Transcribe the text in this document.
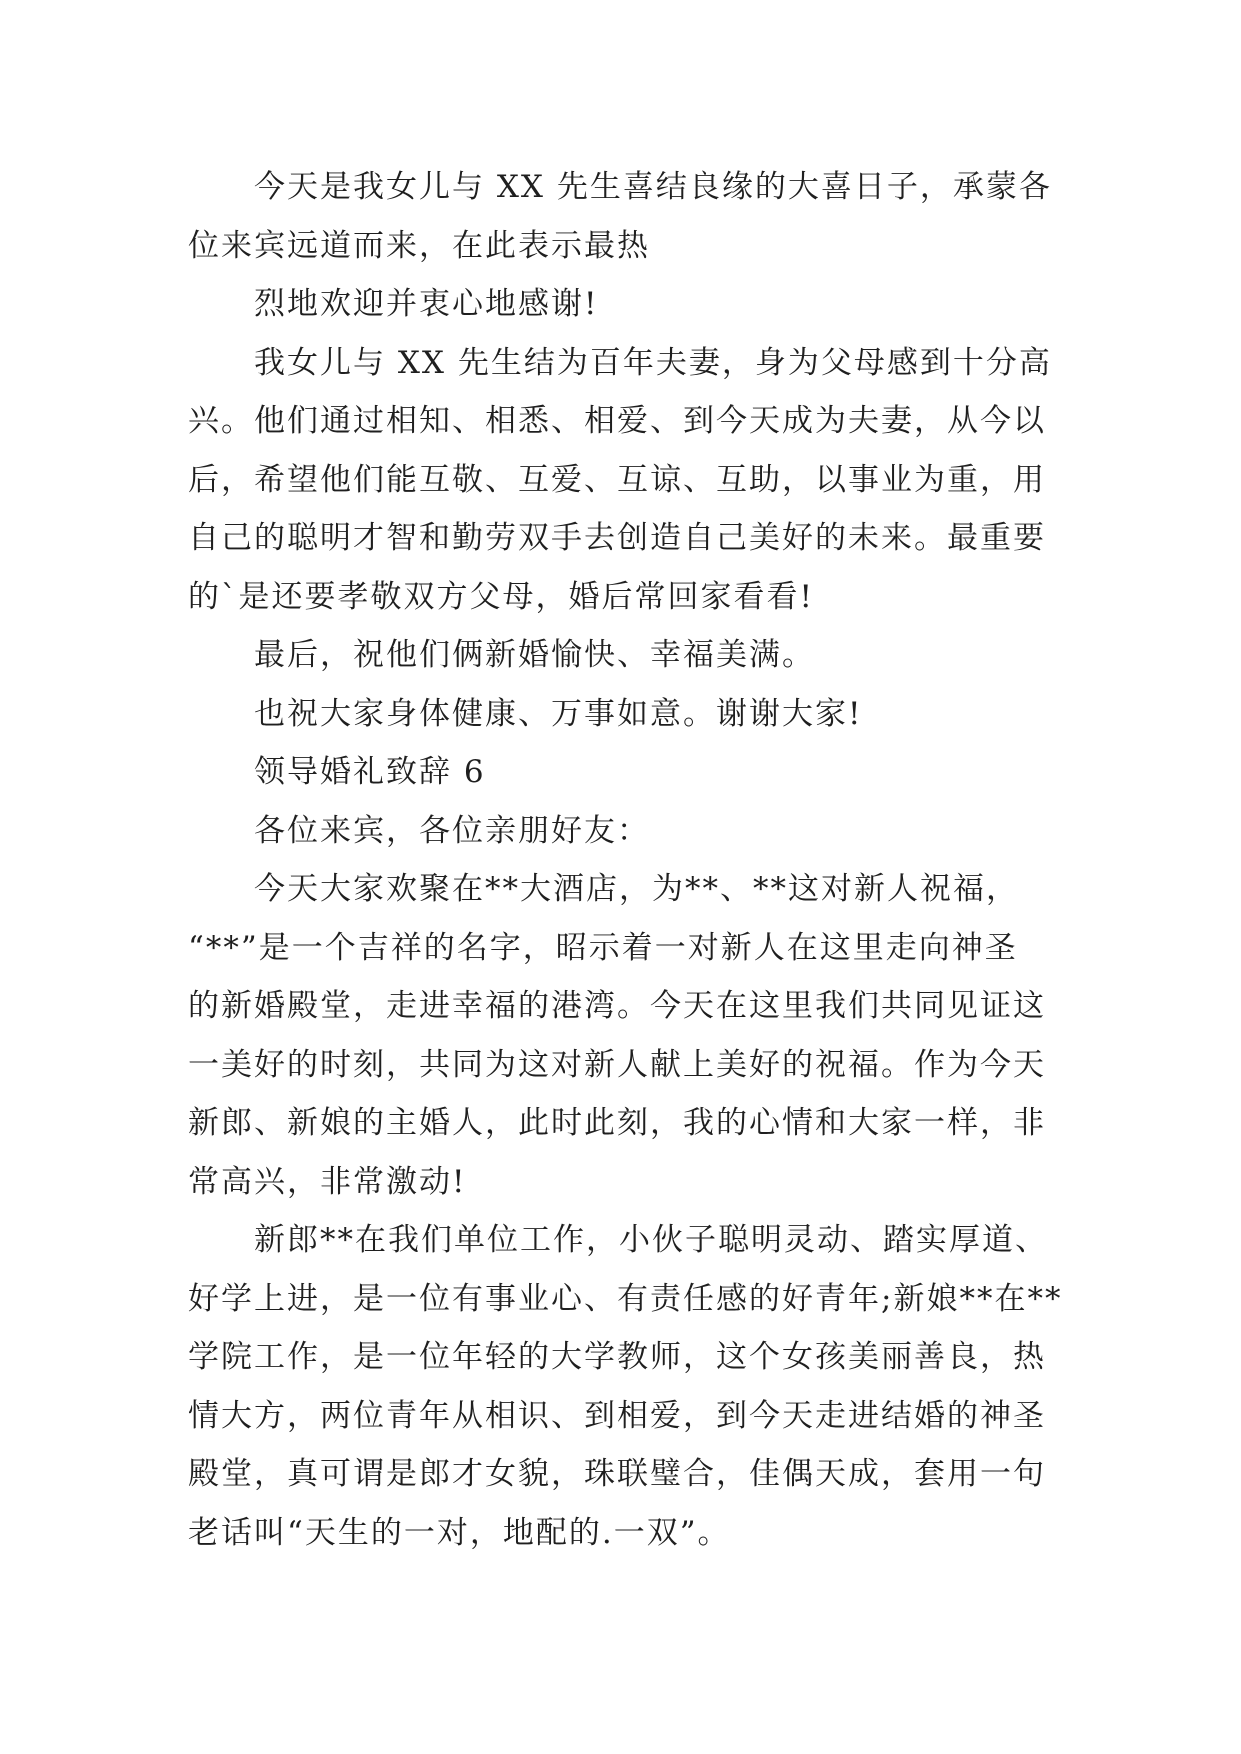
今天是我女儿与 XX 先生喜结良缘的大喜日子，承蒙各
位来宾远道而来，在此表示最热
烈地欢迎并衷心地感谢!
我女儿与 XX 先生结为百年夫妻，身为父母感到十分高
兴。他们通过相知、相悉、相爱、到今天成为夫妻，从今以
后，希望他们能互敬、互爱、互谅、互助，以事业为重，用
自己的聪明才智和勤劳双手去创造自己美好的未来。最重要
的`是还要孝敬双方父母，婚后常回家看看!
最后，祝他们俩新婚愉快、幸福美满。
也祝大家身体健康、万事如意。谢谢大家!
领导婚礼致辞 6
各位来宾，各位亲朋好友：
今天大家欢聚在**大酒店，为**、**这对新人祝福，
“**”是一个吉祥的名字，昭示着一对新人在这里走向神圣
的新婚殿堂，走进幸福的港湾。今天在这里我们共同见证这
一美好的时刻，共同为这对新人献上美好的祝福。作为今天
新郎、新娘的主婚人，此时此刻，我的心情和大家一样，非
常高兴，非常激动!
新郎**在我们单位工作，小伙子聪明灵动、踏实厚道、
好学上进，是一位有事业心、有责任感的好青年;新娘**在**
学院工作，是一位年轻的大学教师，这个女孩美丽善良，热
情大方，两位青年从相识、到相爱，到今天走进结婚的神圣
殿堂，真可谓是郎才女貌，珠联璧合，佳偶天成，套用一句
老话叫“天生的一对，地配的.一双”。
